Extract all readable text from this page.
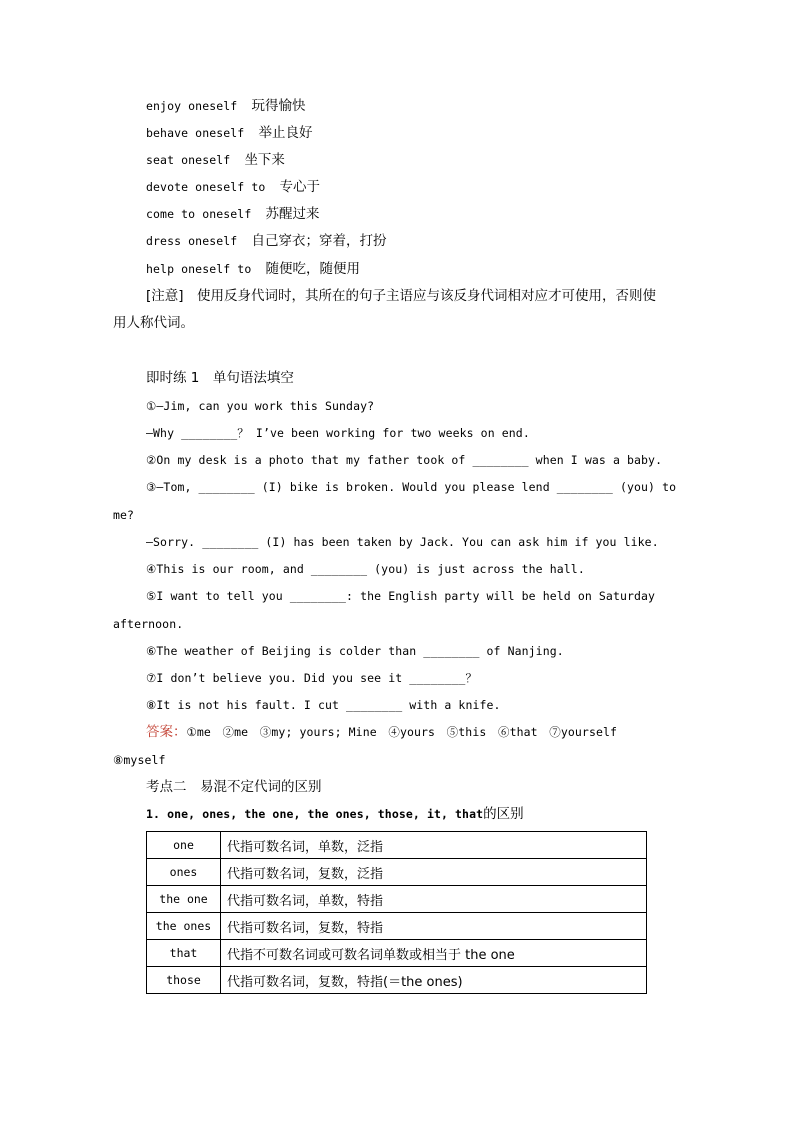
enjoy oneself 玩得愉快
behave oneself 举止良好
seat oneself 坐下来
devote oneself to 专心于
come to oneself 苏醒过来
dress oneself 自己穿衣；穿着，打扮
help oneself to 随便吃，随便用
[注意]　使用反身代词时，其所在的句子主语应与该反身代词相对应才可使用，否则使
用人称代词。
即时练 1　单句语法填空
①—Jim, can you work this Sunday?
—Why ________？ I’ve been working for two weeks on end.
②On my desk is a photo that my father took of ________ when I was a baby.
③—Tom, ________ (I) bike is broken. Would you please lend ________ (you) to
me?
—Sorry. ________ (I) has been taken by Jack. You can ask him if you like.
④This is our room, and ________ (you) is just across the hall.
⑤I want to tell you ________: the English party will be held on Saturday
afternoon.
⑥The weather of Beijing is colder than ________ of Nanjing.
⑦I don’t believe you. Did you see it ________？
⑧It is not his fault. I cut ________ with a knife.
答案：①me　②me　③my; yours; Mine　④yours　⑤this　⑥that　⑦yourself
⑧myself
考点二　易混不定代词的区别
1. one, ones, the one, the ones, those, it, that的区别
one	代指可数名词，单数，泛指
ones	代指可数名词，复数，泛指
the one	代指可数名词，单数，特指
the ones	代指可数名词，复数，特指
that	代指不可数名词或可数名词单数或相当于 the one
those	代指可数名词，复数，特指(＝the ones)
